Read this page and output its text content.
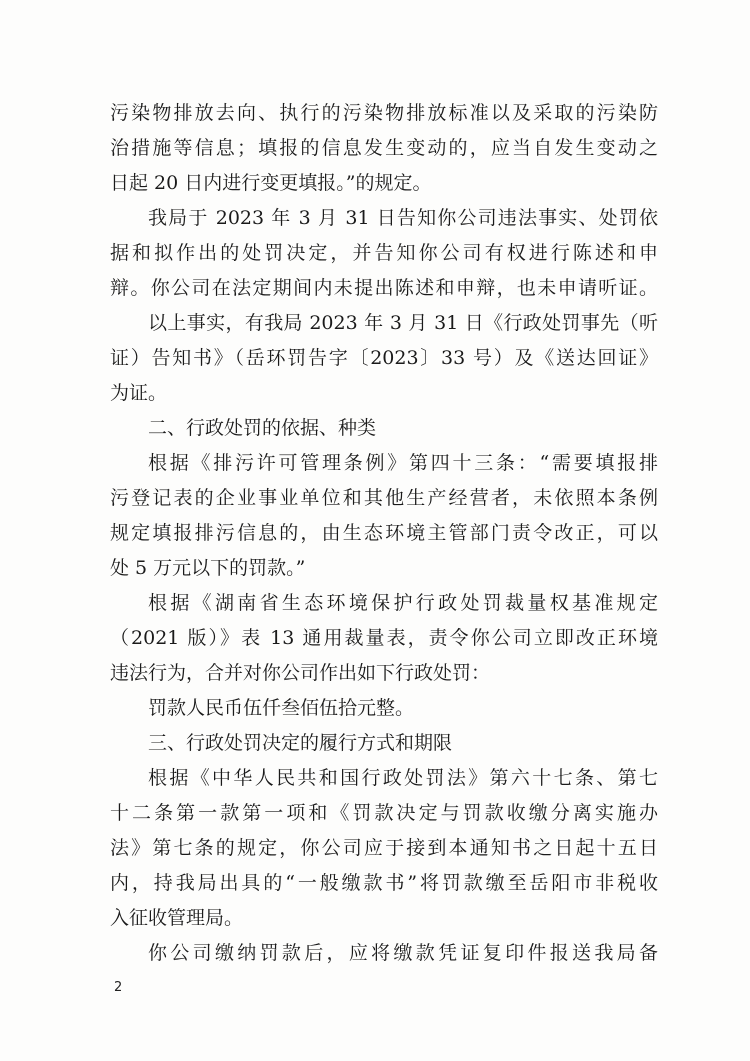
污染物排放去向、执行的污染物排放标准以及采取的污染防
治措施等信息；填报的信息发生变动的，应当自发生变动之
日起 20 日内进行变更填报。”的规定。
我局于 2023 年 3 月 31 日告知你公司违法事实、处罚依
据和拟作出的处罚决定，并告知你公司有权进行陈述和申
辩。你公司在法定期间内未提出陈述和申辩，也未申请听证。
以上事实，有我局 2023 年 3 月 31 日《行政处罚事先（听
证）告知书》（岳环罚告字〔2023〕33 号）及《送达回证》
为证。
二、行政处罚的依据、种类
根据《排污许可管理条例》第四十三条：“需要填报排
污登记表的企业事业单位和其他生产经营者，未依照本条例
规定填报排污信息的，由生态环境主管部门责令改正，可以
处 5 万元以下的罚款。”
根据《湖南省生态环境保护行政处罚裁量权基准规定
（2021 版）》表 13 通用裁量表，责令你公司立即改正环境
违法行为，合并对你公司作出如下行政处罚：
罚款人民币伍仟叁佰伍拾元整。
三、行政处罚决定的履行方式和期限
根据《中华人民共和国行政处罚法》第六十七条、第七
十二条第一款第一项和《罚款决定与罚款收缴分离实施办
法》第七条的规定，你公司应于接到本通知书之日起十五日
内，持我局出具的“一般缴款书”将罚款缴至岳阳市非税收
入征收管理局。
你公司缴纳罚款后，应将缴款凭证复印件报送我局备
2
